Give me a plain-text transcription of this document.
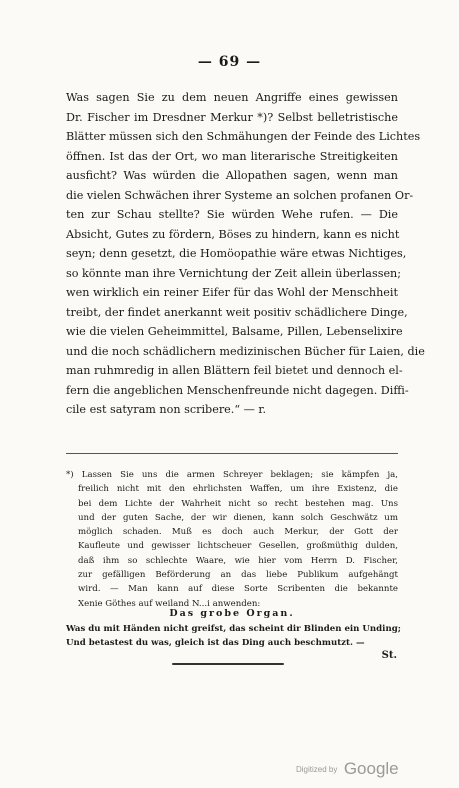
— 69 —
Was sagen Sie zu dem neuen Angriffe eines gewissen
Dr. Fischer im Dresdner Merkur *)? Selbst belletristische
Blätter müssen sich den Schmähungen der Feinde des Lichtes
öffnen. Ist das der Ort, wo man literarische Streitigkeiten
ausficht? Was würden die Allopathen sagen, wenn man
die vielen Schwächen ihrer Systeme an solchen profanen Or-
ten zur Schau stellte? Sie würden Wehe rufen. — Die
Absicht, Gutes zu fördern, Böses zu hindern, kann es nicht
seyn; denn gesetzt, die Homöopathie wäre etwas Nichtiges,
so könnte man ihre Vernichtung der Zeit allein überlassen;
wen wirklich ein reiner Eifer für das Wohl der Menschheit
treibt, der findet anerkannt weit positiv schädlichere Dinge,
wie die vielen Geheimmittel, Balsame, Pillen, Lebenselixire
und die noch schädlichern medizinischen Bücher für Laien, die
man ruhmredig in allen Blättern feil bietet und dennoch el-
fern die angeblichen Menschenfreunde nicht dagegen. Diffi-
cile est satyram non scribere.“ — r.
*) Lassen Sie uns die armen Schreyer beklagen; sie kämpfen ja,
freilich nicht mit den ehrlichsten Waffen, um ihre Existenz, die
bei dem Lichte der Wahrheit nicht so recht bestehen mag. Uns
und der guten Sache, der wir dienen, kann solch Geschwätz um
möglich schaden. Muß es doch auch Merkur, der Gott der
Kaufleute und gewisser lichtscheuer Gesellen, großmüthig dulden,
daß ihm so schlechte Waare, wie hier vom Herrn D. Fischer,
zur gefälligen Beförderung an das liebe Publikum aufgehängt
wird. — Man kann auf diese Sorte Scribenten die bekannte
Xenie Göthes auf weiland N...i anwenden:
Das grobe Organ.
Was du mit Händen nicht greifst, das scheint dir Blinden ein Unding;
Und betastest du was, gleich ist das Ding auch beschmutzt. —
St.
Digitized by Google
